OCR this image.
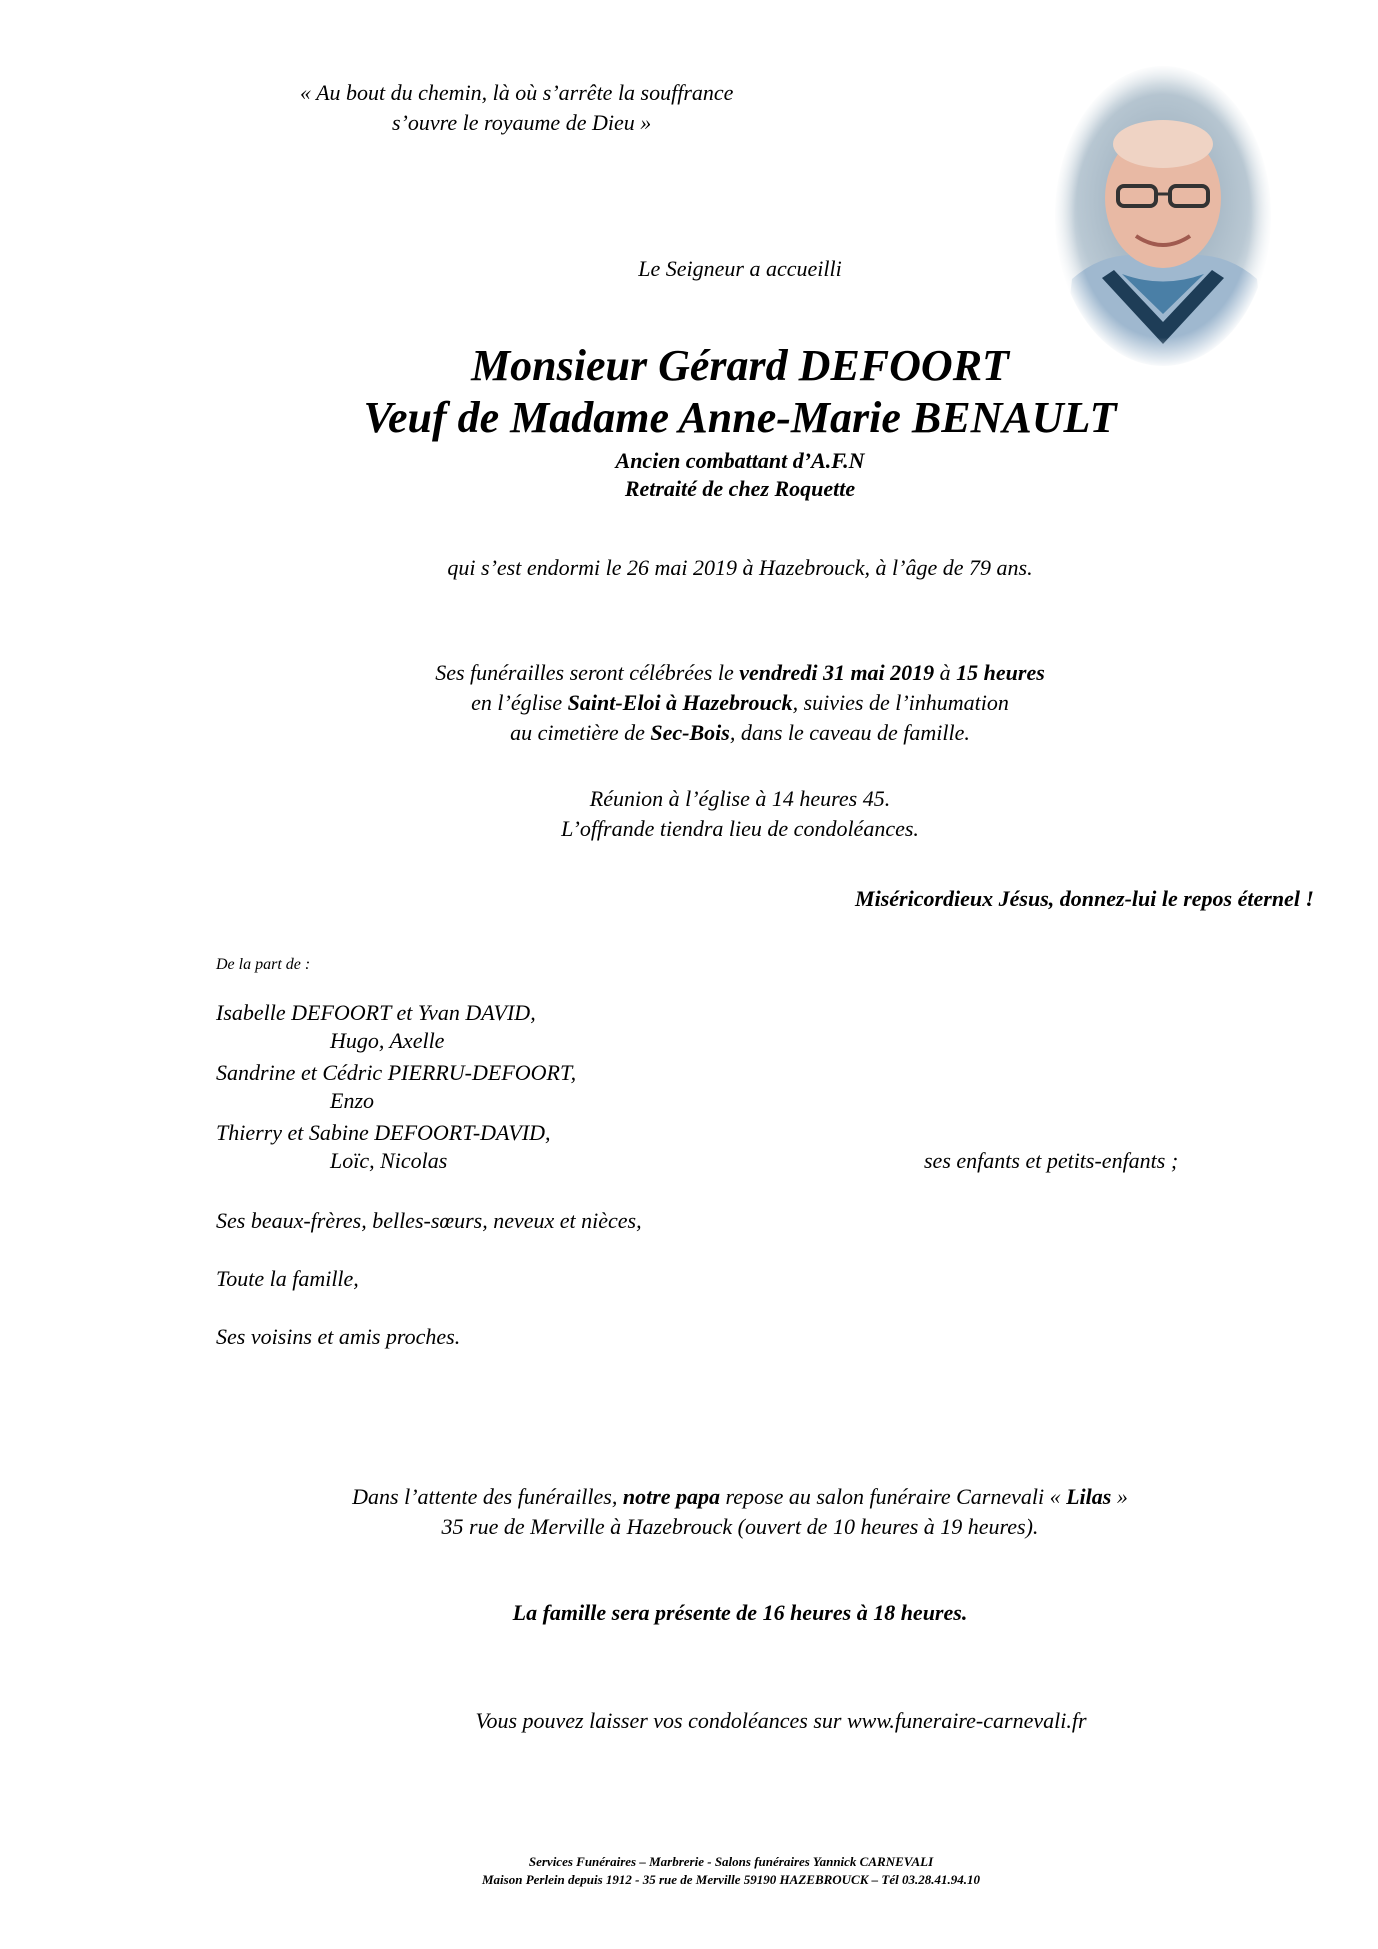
« Au bout du chemin, là où s’arrête la souffrance
s’ouvre le royaume de Dieu »
Le Seigneur a accueilli
Monsieur Gérard DEFOORT
Veuf de Madame Anne-Marie BENAULT
Ancien combattant d’A.F.N
Retraité de chez Roquette
qui s’est endormi le 26 mai 2019 à Hazebrouck, à l’âge de 79 ans.
Ses funérailles seront célébrées le vendredi 31 mai 2019 à 15 heures
en l’église Saint-Eloi à Hazebrouck, suivies de l’inhumation
au cimetière de Sec-Bois, dans le caveau de famille.
Réunion à l’église à 14 heures 45.
L’offrande tiendra lieu de condoléances.
Miséricordieux Jésus, donnez-lui le repos éternel !
De la part de :
Isabelle DEFOORT et Yvan DAVID,
Hugo, Axelle
Sandrine et Cédric PIERRU-DEFOORT,
Enzo
Thierry et Sabine DEFOORT-DAVID,
Loïc, Nicolas	ses enfants et petits-enfants ;
Ses beaux-frères, belles-sœurs, neveux et nièces,
Toute la famille,
Ses voisins et amis proches.
Dans l’attente des funérailles, notre papa repose au salon funéraire Carnevali « Lilas »
35 rue de Merville à Hazebrouck (ouvert de 10 heures à 19 heures).
La famille sera présente de 16 heures à 18 heures.
Vous pouvez laisser vos condoléances sur www.funeraire-carnevali.fr
Services Funéraires – Marbrerie - Salons funéraires Yannick CARNEVALI
Maison Perlein depuis 1912 - 35 rue de Merville 59190 HAZEBROUCK – Tél 03.28.41.94.10
